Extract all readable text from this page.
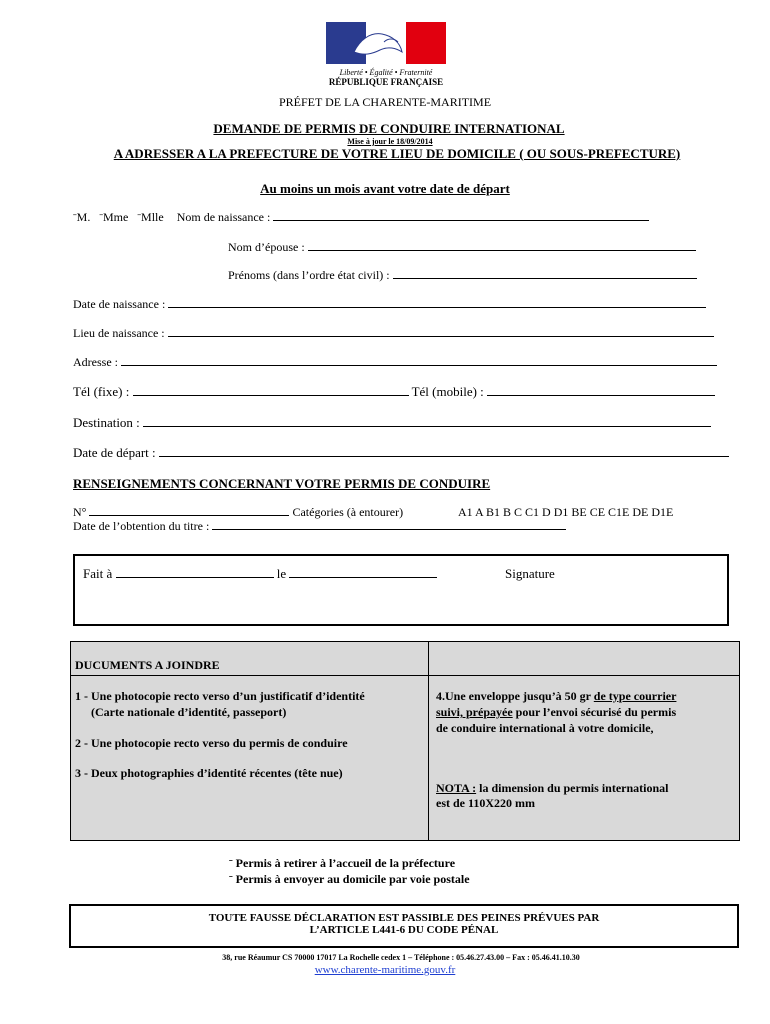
Liberté • Égalité • Fraternité
RÉPUBLIQUE FRANÇAISE
PRÉFET DE LA CHARENTE-MARITIME
DEMANDE DE PERMIS DE CONDUIRE INTERNATIONAL
Mise à jour le 18/09/2014
A ADRESSER A LA PREFECTURE DE VOTRE LIEU DE DOMICILE ( OU SOUS-PREFECTURE)
Au moins un mois avant votre date de départ
ˉM. ˉMme ˉMlle Nom de naissance :
Nom d’épouse :
Prénoms (dans l’ordre état civil) :
Date de naissance :
Lieu de naissance :
Adresse :
Tél (fixe) :	Tél (mobile) :
Destination :
Date de départ :
RENSEIGNEMENTS CONCERNANT VOTRE PERMIS DE CONDUIRE
N°	Catégories (à entourer)	A1 A B1 B C C1 D D1 BE CE C1E DE D1E
Date de l’obtention du titre :
Fait à	le	Signature

DUCUMENTS A JOINDRE

1 - Une photocopie recto verso d’un justificatif d’identité

(Carte nationale d’identité, passeport)

2 - Une photocopie recto verso du permis de conduire

3 - Deux photographies d’identité récentes (tête nue)

4.Une enveloppe jusqu’à 50 gr de type courrier

suivi, prépayée pour l’envoi sécurisé du permis

de conduire international à votre domicile,

NOTA : la dimension du permis international

est de 110X220 mm

ˉ Permis à retirer à l’accueil de la préfecture
ˉ Permis à envoyer au domicile par voie postale
TOUTE FAUSSE DÉCLARATION EST PASSIBLE DES PEINES PRÉVUES PAR
L’ARTICLE L441-6 DU CODE PÉNAL
38, rue Réaumur CS 70000 17017 La Rochelle cedex 1 – Téléphone : 05.46.27.43.00 – Fax : 05.46.41.10.30
www.charente-maritime.gouv.fr
